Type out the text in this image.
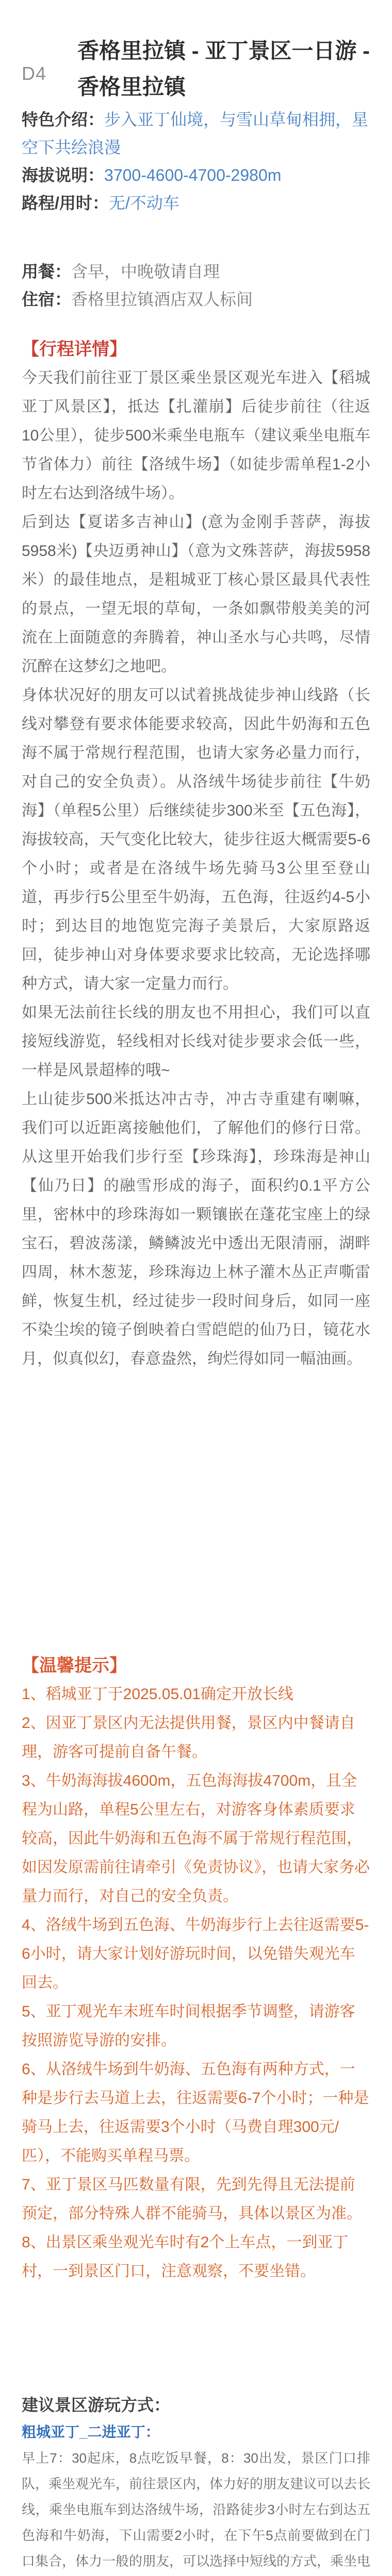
D4
香格里拉镇 - 亚丁景区一日游 - 香格里拉镇
特色介绍：步入亚丁仙境，与雪山草甸相拥，星空下共绘浪漫
海拔说明：3700-4600-4700-2980m
路程/用时：无/不动车
用餐：含早，中晚敬请自理
住宿：香格里拉镇酒店双人标间
【行程详情】
今天我们前往亚丁景区乘坐景区观光车进入【稻城亚丁风景区】，抵达【扎灌崩】后徒步前往（往返10公里），徒步500米乘坐电瓶车（建议乘坐电瓶车节省体力）前往【洛绒牛场】（如徒步需单程1-2小时左右达到洛绒牛场）。
后到达【夏诺多吉神山】(意为金刚手菩萨，海拔5958米)【央迈勇神山】（意为文殊菩萨，海拔5958米）的最佳地点，是粗城亚丁核心景区最具代表性的景点，一望无垠的草甸，一条如飘带般美美的河流在上面随意的奔腾着，神山圣水与心共鸣，尽情沉醉在这梦幻之地吧。
身体状况好的朋友可以试着挑战徒步神山线路（长线对攀登有要求体能要求较高，因此牛奶海和五色海不属于常规行程范围，也请大家务必量力而行，对自己的安全负责）。从洛绒牛场徒步前往【牛奶海】（单程5公里）后继续徒步300米至【五色海】，海拔较高，天气变化比较大，徒步往返大概需要5-6个小时；或者是在洛绒牛场先骑马3公里至登山道，再步行5公里至牛奶海，五色海，往返约4-5小时；到达目的地饱览完海子美景后，大家原路返回，徒步神山对身体要求要求比较高，无论选择哪种方式，请大家一定量力而行。
如果无法前往长线的朋友也不用担心，我们可以直接短线游览，轻线相对长线对徒步要求会低一些，一样是风景超棒的哦~
上山徒步500米抵达冲古寺，冲古寺重建有喇嘛，我们可以近距离接触他们，了解他们的修行日常。从这里开始我们步行至【珍珠海】，珍珠海是神山【仙乃日】的融雪形成的海子，面积约0.1平方公里，密林中的珍珠海如一颗镶嵌在蓬花宝座上的绿宝石，碧波荡漾，鳞鳞波光中透出无限清丽，湖畔四周，林木葱茏，珍珠海边上林子灌木丛正声嘶雷鲜，恢复生机，经过徒步一段时间身后，如同一座不染尘埃的镜子倒映着白雪皑皑的仙乃日，镜花水月，似真似幻，春意盎然，绚烂得如同一幅油画。
【温馨提示】
1、稻城亚丁于2025.05.01确定开放长线
2、因亚丁景区内无法提供用餐，景区内中餐请自理，游客可提前自备午餐。
3、牛奶海海拔4600m，五色海海拔4700m，且全程为山路，单程5公里左右，对游客身体素质要求较高，因此牛奶海和五色海不属于常规行程范围，如因发原需前往请牵引《免责协议》，也请大家务必量力而行，对自己的安全负责。
4、洛绒牛场到五色海、牛奶海步行上去往返需要5-6小时，请大家计划好游玩时间，以免错失观光车回去。
5、亚丁观光车末班车时间根据季节调整，请游客按照游览导游的安排。
6、从洛绒牛场到牛奶海、五色海有两种方式，一种是步行去马道上去，往返需要6-7个小时；一种是骑马上去，往返需要3个小时（马费自理300元/匹），不能购买单程马票。
7、亚丁景区马匹数量有限，先到先得且无法提前预定，部分特殊人群不能骑马，具体以景区为准。
8、出景区乘坐观光车时有2个上车点，一到亚丁村，一到景区门口，注意观察，不要坐错。
建议景区游玩方式：
粗城亚丁_二进亚丁：
早上7：30起床，8点吃饭早餐，8：30出发，景区门口排队，乘坐观光车，前往景区内，体力好的朋友建议可以去长线，乘坐电瓶车到达洛绒牛场，沿路徒步3小时左右到达五色海和牛奶海，下山需要2小时，在下午5点前要做到在门口集合，体力一般的朋友，可以选择中短线的方式，乘坐电
